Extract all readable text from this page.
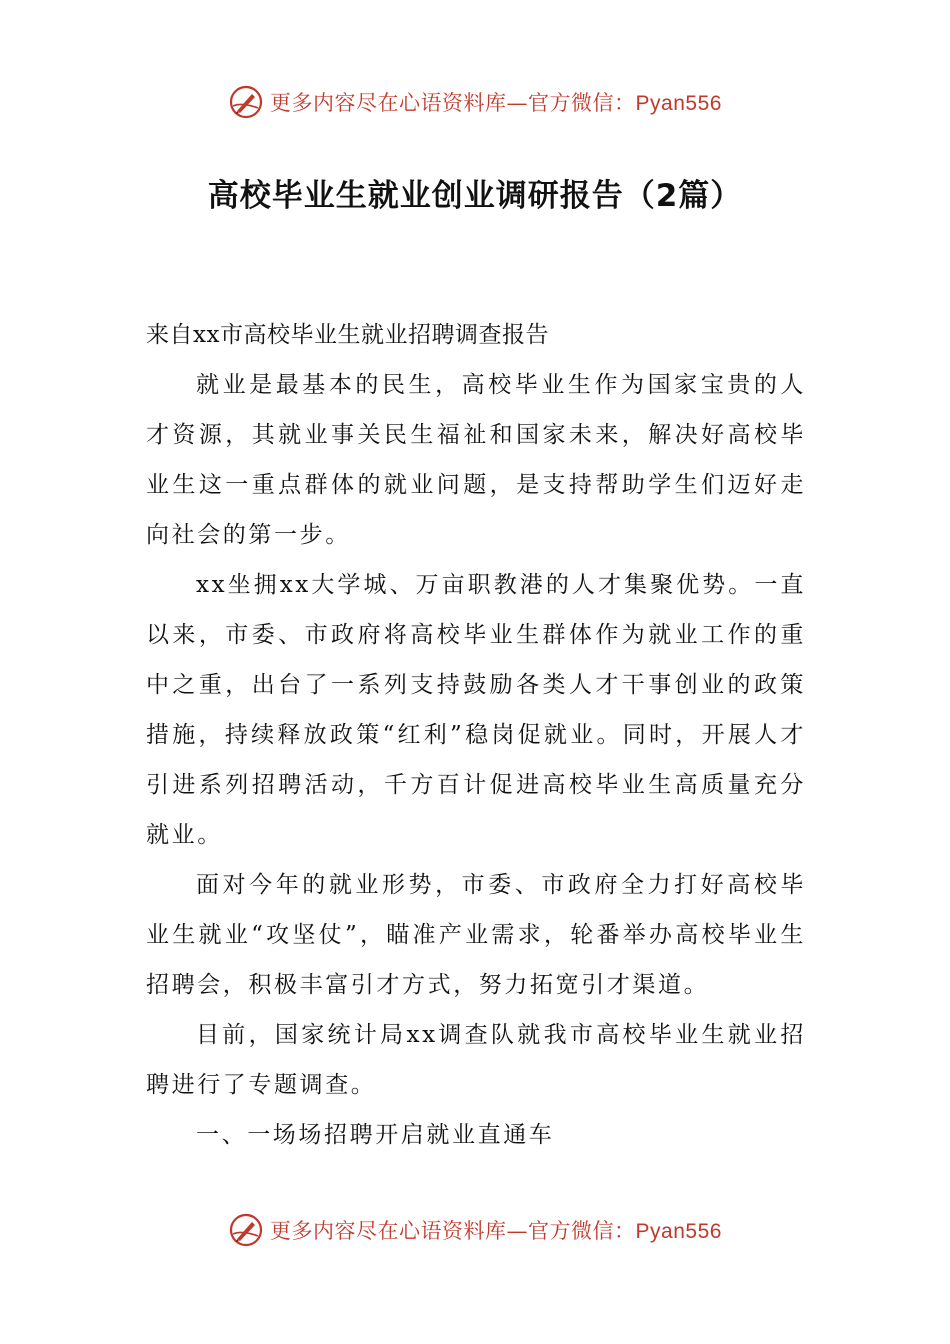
更多内容尽在心语资料库—官方微信：Pyan556
高校毕业生就业创业调研报告（2篇）

来自xx市高校毕业生就业招聘调查报告

就业是最基本的民生，高校毕业生作为国家宝贵的人才资源，其就业事关民生福祉和国家未来，解决好高校毕业生这一重点群体的就业问题，是支持帮助学生们迈好走向社会的第一步。

xx坐拥xx大学城、万亩职教港的人才集聚优势。一直以来，市委、市政府将高校毕业生群体作为就业工作的重中之重，出台了一系列支持鼓励各类人才干事创业的政策措施，持续释放政策“红利”稳岗促就业。同时，开展人才引进系列招聘活动，千方百计促进高校毕业生高质量充分就业。

面对今年的就业形势，市委、市政府全力打好高校毕业生就业“攻坚仗”，瞄准产业需求，轮番举办高校毕业生招聘会，积极丰富引才方式，努力拓宽引才渠道。

目前，国家统计局xx调查队就我市高校毕业生就业招聘进行了专题调查。

一、一场场招聘开启就业直通车

更多内容尽在心语资料库—官方微信：Pyan556
